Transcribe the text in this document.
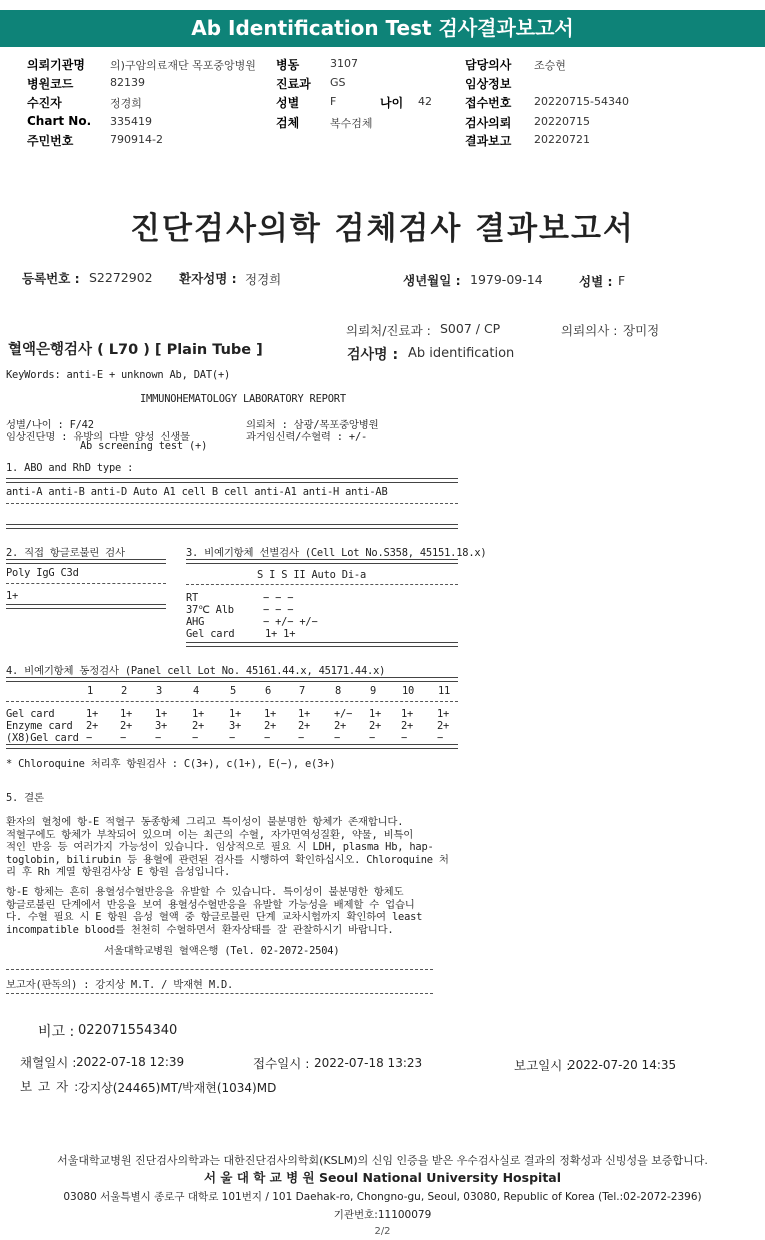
Ab Identification Test 검사결과보고서
의뢰기관명 의)구암의료재단 목포중앙병원
병원코드	82139
수진자	정경희
Chart No. 335419
주민번호	790914-2
병동	3107
진료과 GS
성별	F	나이 42
검체	복수검체
담당의사 조승현
임상정보
접수번호 20220715-54340
검사의뢰 20220715
결과보고 20220721
진단검사의학 검체검사 결과보고서
등록번호 : S2272902 환자성명 : 정경희	생년월일 : 1979-09-14	성별 : F
의뢰처/진료과 : S007 / CP	의뢰의사 : 장미정
혈액은행검사 ( L70 ) [ Plain Tube ]	검사명 : Ab identification
KeyWords: anti-E + unknown Ab, DAT(+)
IMMUNOHEMATOLOGY LABORATORY REPORT
성별/나이 : F/42	의뢰처 : 삼광/목포중앙병원
임상진단명 : 유방의 다발 양성 신생물	과거임신력/수혈력 : +/-
Ab screening test (+)
1. ABO and RhD type :
anti-A anti-B anti-D Auto A1 cell B cell anti-A1 anti-H anti-AB
2. 직접 항글로불린 검사
Poly IgG C3d
1+
3. 비예기항체 선별검사 (Cell Lot No.S358, 45151.18.x)
S I S II Auto Di-a
RT	− − −
37℃ Alb	− − −
AHG	− +/− +/−
Gel card	1+ 1+
4. 비예기항체 동정검사 (Panel cell Lot No. 45161.44.x, 45171.44.x)
1	2	3	4	5	6	7	8	9 10 11
Gel card	1+ 1+ 1+ 1+ 1+ 1+ 1+ +/− 1+ 1+ 1+
Enzyme card 2+ 2+ 3+ 2+ 3+ 2+ 2+ 2+ 2+ 2+ 2+
(X8)Gel card −	−	−	−	−	−	−	−	− −	−
* Chloroquine 처리후 항원검사 : C(3+), c(1+), E(−), e(3+)
5. 결론
환자의 혈청에 항-E 적혈구 동종항체 그리고 특이성이 불분명한 항체가 존재합니다.
적혈구에도 항체가 부착되어 있으며 이는 최근의 수혈, 자가면역성질환, 약물, 비특이
적인 반응 등 여러가지 가능성이 있습니다. 임상적으로 필요 시 LDH, plasma Hb, hap-
toglobin, bilirubin 등 용혈에 관련된 검사를 시행하여 확인하십시오. Chloroquine 처
리 후 Rh 계열 항원검사상 E 항원 음성입니다.
항-E 항체는 흔히 용혈성수혈반응을 유발할 수 있습니다. 특이성이 불분명한 항체도
항글로불린 단계에서 반응을 보여 용혈성수혈반응을 유발할 가능성을 배제할 수 업습니
다. 수혈 필요 시 E 항원 음성 혈액 중 항글로불린 단계 교차시험까지 확인하여 least
incompatible blood를 천천히 수혈하면서 환자상태를 잘 관찰하시기 바랍니다.
서울대학교병원 혈액은행 (Tel. 02-2072-2504)
보고자(판독의) : 강지상 M.T. / 박재현 M.D.
비고 : 022071554340
채혈일시 : 2022-07-18 12:39	접수일시 : 2022-07-18 13:23	보고일시 :
2022-07-20 14:35
보 고 자 :
강지상(24465)MT/박재현(1034)MD
서울대학교병원 진단검사의학과는 대한진단검사의학회(KSLM)의 신임 인증을 받은 우수검사실로 결과의 정확성과 신빙성을 보증합니다.
서 울 대 학 교 병 원 Seoul National University Hospital
03080 서울특별시 종로구 대학로 101번지 / 101 Daehak-ro, Chongno-gu, Seoul, 03080, Republic of Korea (Tel.:02-2072-2396)
기관번호:11100079
2/2
